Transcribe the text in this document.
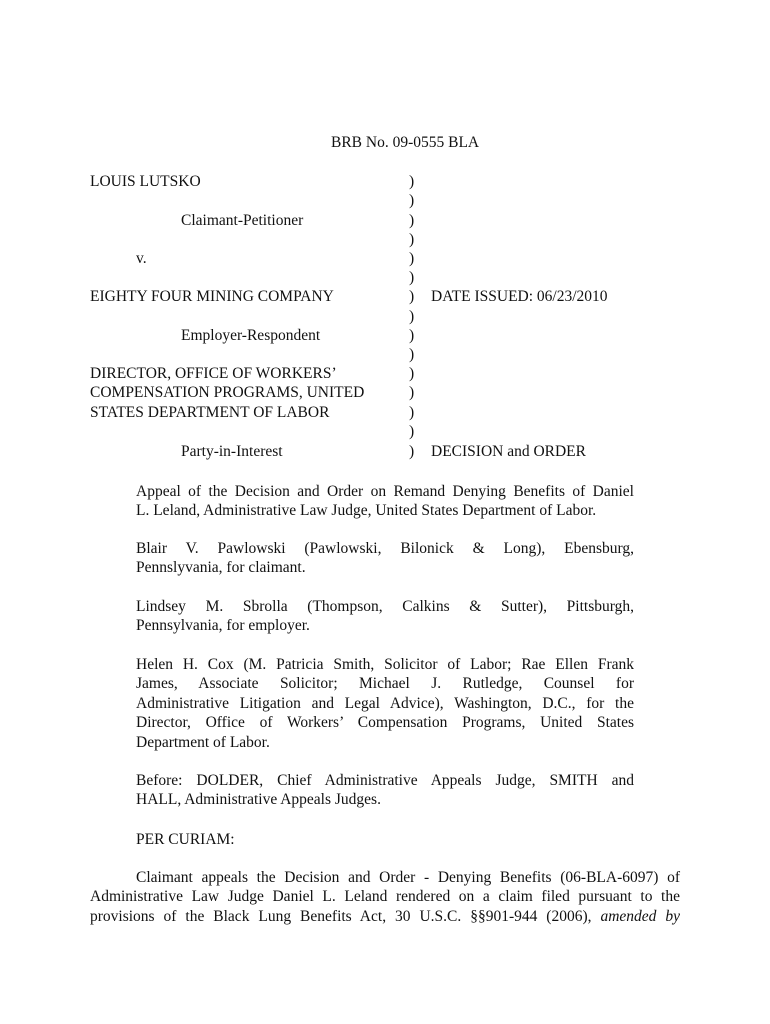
BRB No. 09-0555 BLA
LOUIS LUTSKO
Claimant-Petitioner
v.
EIGHTY FOUR MINING COMPANY
Employer-Respondent
DIRECTOR, OFFICE OF WORKERS’
COMPENSATION PROGRAMS, UNITED
STATES DEPARTMENT OF LABOR
Party-in-Interest
)
)
)
)
)
)
)
)
)
)
)
)
)
)
)
DATE ISSUED: 06/23/2010
DECISION and ORDER
Appeal of the Decision and Order on Remand Denying Benefits of Daniel
L. Leland, Administrative Law Judge, United States Department of Labor.
Blair V. Pawlowski (Pawlowski, Bilonick & Long), Ebensburg,
Pennslyvania, for claimant.
Lindsey M. Sbrolla (Thompson, Calkins & Sutter), Pittsburgh,
Pennsylvania, for employer.
Helen H. Cox (M. Patricia Smith, Solicitor of Labor; Rae Ellen Frank
James, Associate Solicitor; Michael J. Rutledge, Counsel for
Administrative Litigation and Legal Advice), Washington, D.C., for the
Director, Office of Workers’ Compensation Programs, United States
Department of Labor.
Before: DOLDER, Chief Administrative Appeals Judge, SMITH and
HALL, Administrative Appeals Judges.
PER CURIAM:
Claimant appeals the Decision and Order - Denying Benefits (06-BLA-6097) of
Administrative Law Judge Daniel L. Leland rendered on a claim filed pursuant to the
provisions of the Black Lung Benefits Act, 30 U.S.C. §§901-944 (2006), amended by
